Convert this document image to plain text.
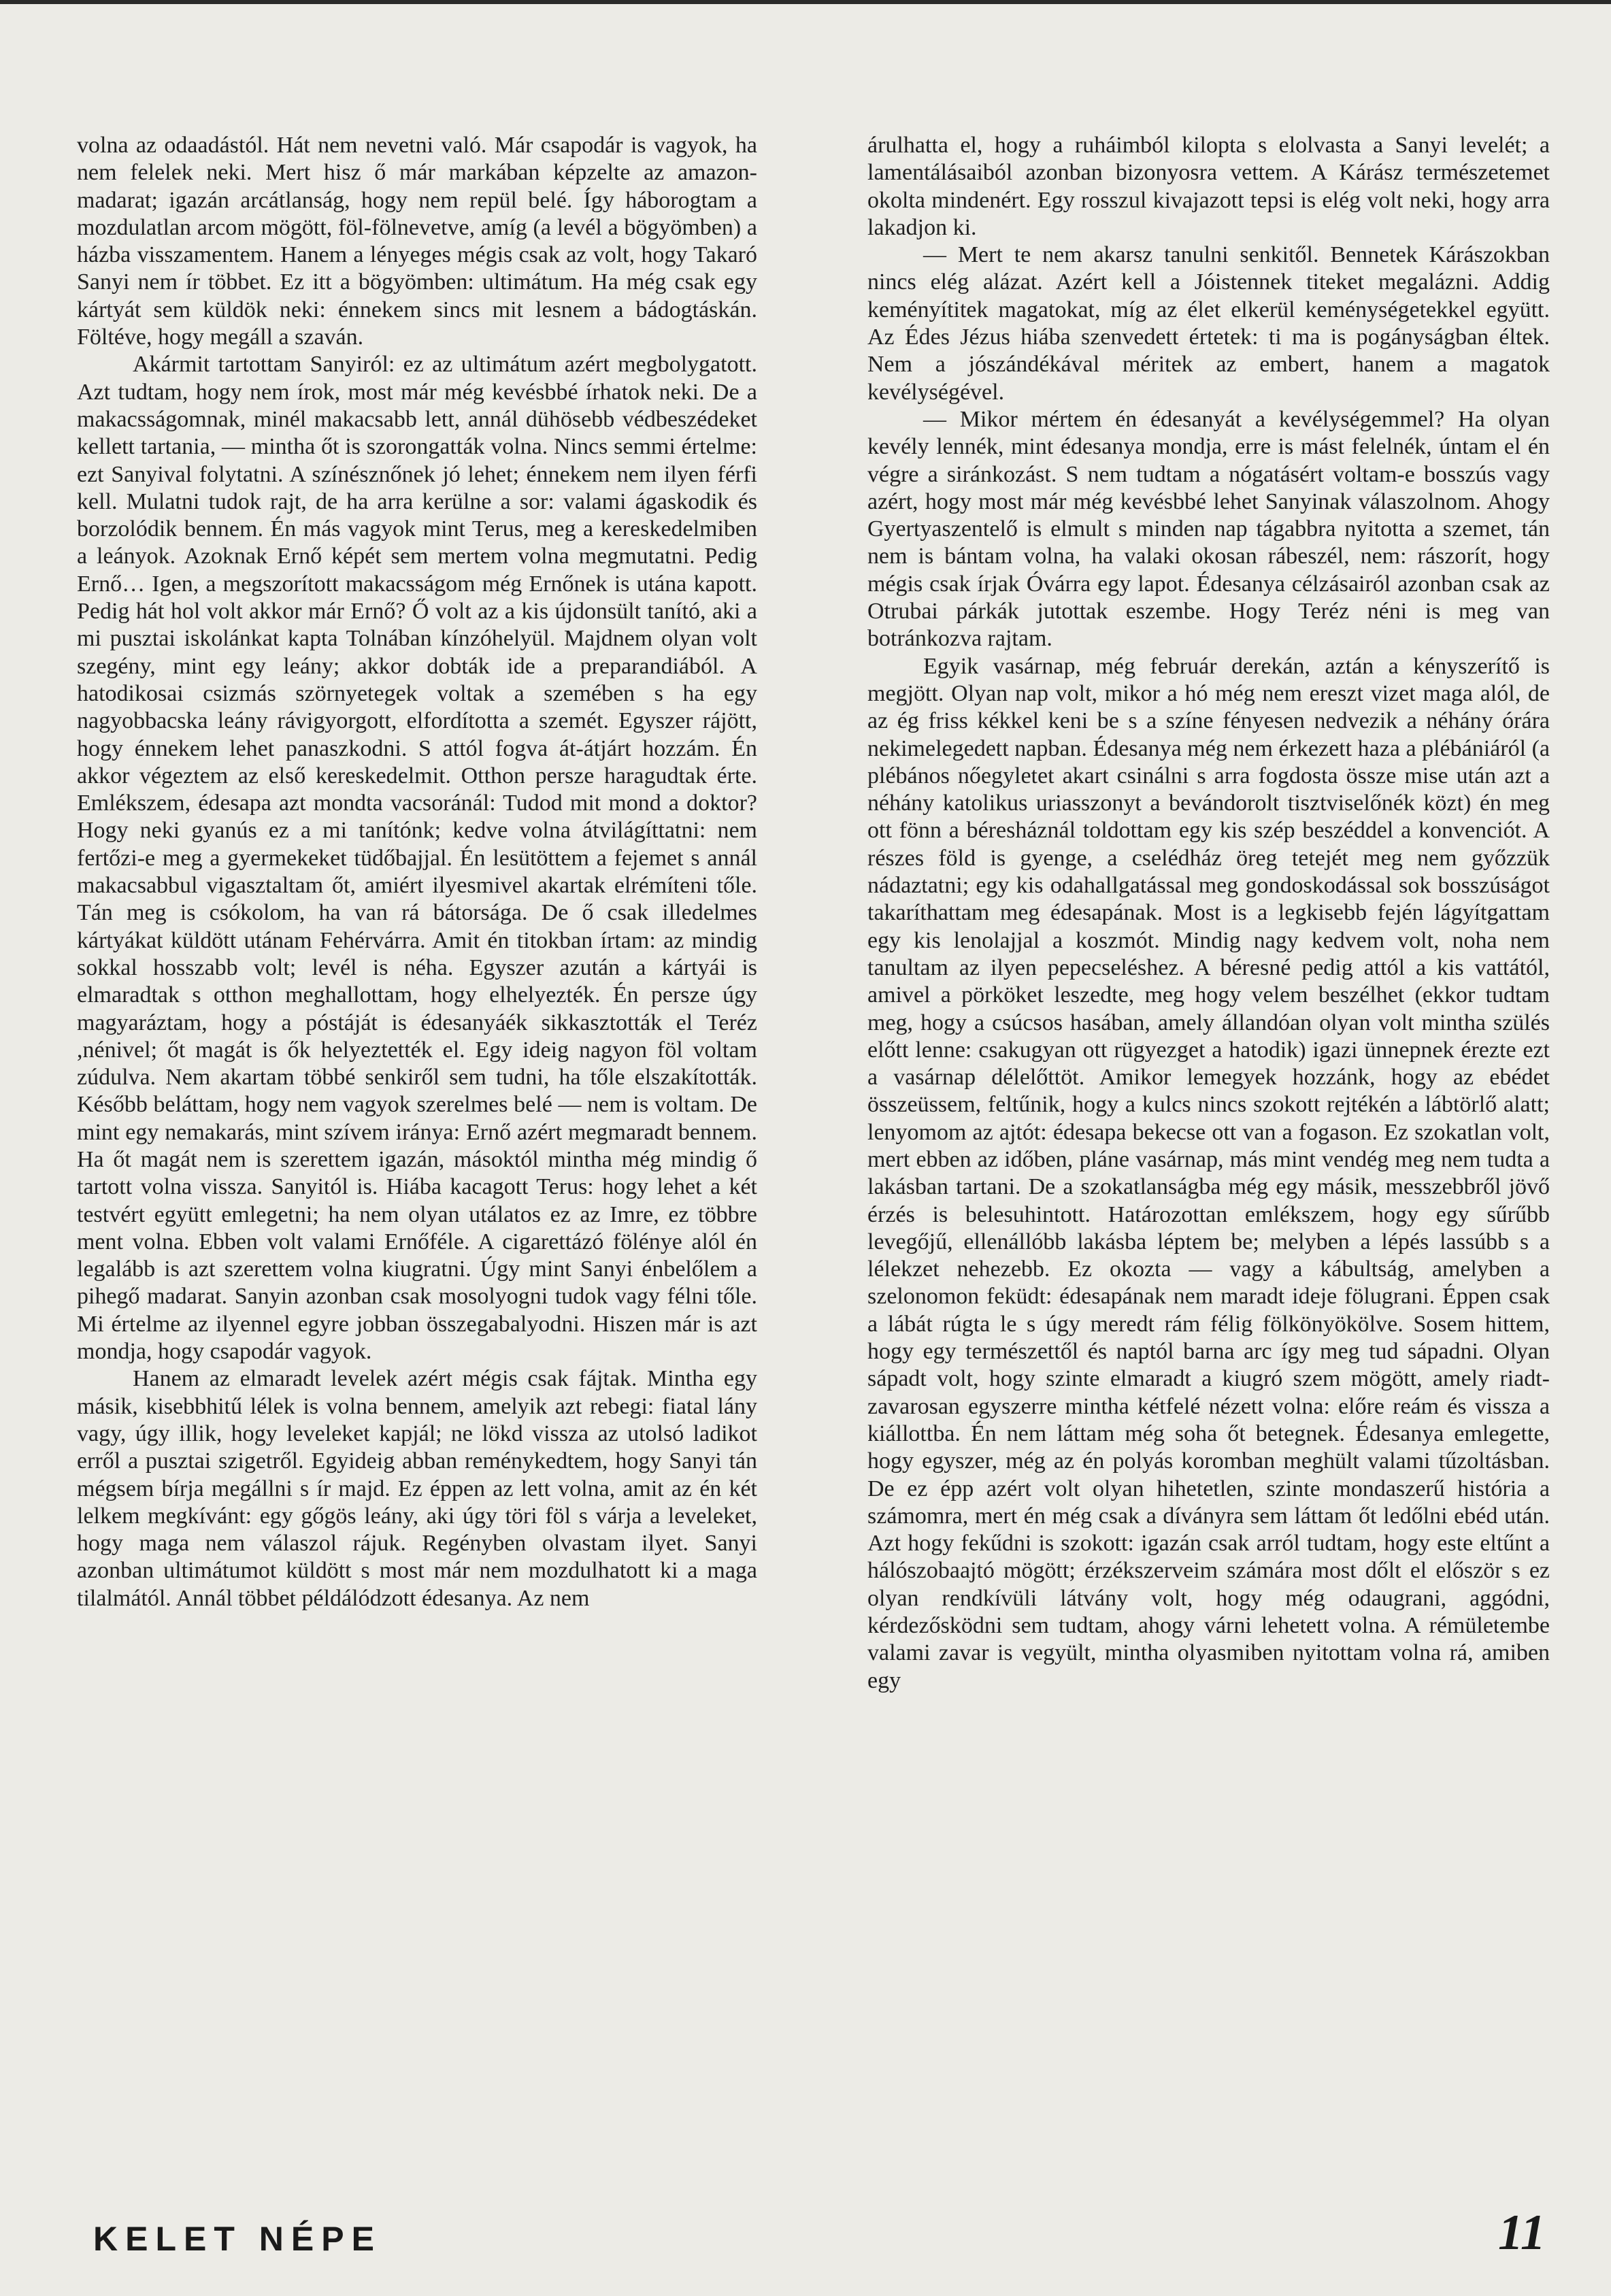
volna az odaadástól. Hát nem nevetni való. Már csapodár is vagyok, ha nem felelek neki. Mert hisz ő már markában képzelte az amazon-madarat; igazán arcátlanság, hogy nem repül belé. Így háborogtam a mozdulatlan arcom mögött, föl-fölnevetve, amíg (a levél a bögyömben) a házba visszamentem. Hanem a lényeges mégis csak az volt, hogy Takaró Sanyi nem ír többet. Ez itt a bögyömben: ultimátum. Ha még csak egy kártyát sem küldök neki: énnekem sincs mit lesnem a bádogtáskán. Föltéve, hogy megáll a szaván.

Akármit tartottam Sanyiról: ez az ultimátum azért megbolygatott. Azt tudtam, hogy nem írok, most már még kevésbbé írhatok neki. De a makacsságomnak, minél makacsabb lett, annál dühösebb védbeszédeket kellett tartania, — mintha őt is szorongatták volna. Nincs semmi értelme: ezt Sanyival folytatni. A színésznőnek jó lehet; énnekem nem ilyen férfi kell. Mulatni tudok rajt, de ha arra kerülne a sor: valami ágaskodik és borzolódik bennem. Én más vagyok mint Terus, meg a kereskedelmiben a leányok. Azoknak Ernő képét sem mertem volna megmutatni. Pedig Ernő… Igen, a megszorított makacsságom még Ernőnek is utána kapott. Pedig hát hol volt akkor már Ernő? Ő volt az a kis újdonsült tanító, aki a mi pusztai iskolánkat kapta Tolnában kínzóhelyül. Majdnem olyan volt szegény, mint egy leány; akkor dobták ide a preparandiából. A hatodikosai csizmás szörnyetegek voltak a szemében s ha egy nagyobbacska leány rávigyorgott, elfordította a szemét. Egyszer rájött, hogy énnekem lehet panaszkodni. S attól fogva át-átjárt hozzám. Én akkor végeztem az első kereskedelmit. Otthon persze haragudtak érte. Emlékszem, édesapa azt mondta vacsoránál: Tudod mit mond a doktor? Hogy neki gyanús ez a mi tanítónk; kedve volna átvilágíttatni: nem fertőzi-e meg a gyermekeket tüdőbajjal. Én lesütöttem a fejemet s annál makacsabbul vigasztaltam őt, amiért ilyesmivel akartak elrémíteni tőle. Tán meg is csókolom, ha van rá bátorsága. De ő csak illedelmes kártyákat küldött utánam Fehérvárra. Amit én titokban írtam: az mindig sokkal hosszabb volt; levél is néha. Egyszer azután a kártyái is elmaradtak s otthon meghallottam, hogy elhelyezték. Én persze úgy magyaráztam, hogy a póstáját is édesanyáék sikkasztották el Teréz ,nénivel; őt magát is ők helyeztették el. Egy ideig nagyon föl voltam zúdulva. Nem akartam többé senkiről sem tudni, ha tőle elszakították. Később beláttam, hogy nem vagyok szerelmes belé — nem is voltam. De mint egy nemakarás, mint szívem iránya: Ernő azért megmaradt bennem. Ha őt magát nem is szerettem igazán, másoktól mintha még mindig ő tartott volna vissza. Sanyitól is. Hiába kacagott Terus: hogy lehet a két testvért együtt emlegetni; ha nem olyan utálatos ez az Imre, ez többre ment volna. Ebben volt valami Ernőféle. A cigarettázó fölénye alól én legalább is azt szerettem volna kiugratni. Úgy mint Sanyi énbelőlem a pihegő madarat. Sanyin azonban csak mosolyogni tudok vagy félni tőle. Mi értelme az ilyennel egyre jobban összegabalyodni. Hiszen már is azt mondja, hogy csapodár vagyok.

Hanem az elmaradt levelek azért mégis csak fájtak. Mintha egy másik, kisebbhitű lélek is volna bennem, amelyik azt rebegi: fiatal lány vagy, úgy illik, hogy leveleket kapjál; ne lökd vissza az utolsó ladikot erről a pusztai szigetről. Egyideig abban reménykedtem, hogy Sanyi tán mégsem bírja megállni s ír majd. Ez éppen az lett volna, amit az én két lelkem megkívánt: egy gőgös leány, aki úgy töri föl s várja a leveleket, hogy maga nem válaszol rájuk. Regényben olvastam ilyet. Sanyi azonban ultimátumot küldött s most már nem mozdulhatott ki a maga tilalmától. Annál többet példálódzott édesanya. Az nem

árulhatta el, hogy a ruháimból kilopta s elolvasta a Sanyi levelét; a lamentálásaiból azonban bizonyosra vettem. A Kárász természetemet okolta mindenért. Egy rosszul kivajazott tepsi is elég volt neki, hogy arra lakadjon ki.

— Mert te nem akarsz tanulni senkitől. Bennetek Kárászokban nincs elég alázat. Azért kell a Jóistennek titeket megalázni. Addig keményítitek magatokat, míg az élet elkerül keménységetekkel együtt. Az Édes Jézus hiába szenvedett értetek: ti ma is pogányságban éltek. Nem a jószándékával méritek az embert, hanem a magatok kevélységével.

— Mikor mértem én édesanyát a kevélységemmel? Ha olyan kevély lennék, mint édesanya mondja, erre is mást felelnék, úntam el én végre a siránkozást. S nem tudtam a nógatásért voltam-e bosszús vagy azért, hogy most már még kevésbbé lehet Sanyinak válaszolnom. Ahogy Gyertyaszentelő is elmult s minden nap tágabbra nyitotta a szemet, tán nem is bántam volna, ha valaki okosan rábeszél, nem: rászorít, hogy mégis csak írjak Óvárra egy lapot. Édesanya célzásairól azonban csak az Otrubai párkák jutottak eszembe. Hogy Teréz néni is meg van botránkozva rajtam.

Egyik vasárnap, még február derekán, aztán a kényszerítő is megjött. Olyan nap volt, mikor a hó még nem ereszt vizet maga alól, de az ég friss kékkel keni be s a színe fényesen nedvezik a néhány órára nekimelegedett napban. Édesanya még nem érkezett haza a plébániáról (a plébános nőegyletet akart csinálni s arra fogdosta össze mise után azt a néhány katolikus uriasszonyt a bevándorolt tisztviselőnék közt) én meg ott fönn a béresháznál toldottam egy kis szép beszéddel a konvenciót. A részes föld is gyenge, a cselédház öreg tetejét meg nem győzzük nádaztatni; egy kis odahallgatással meg gondoskodással sok bosszúságot takaríthattam meg édesapának. Most is a legkisebb fején lágyítgattam egy kis lenolajjal a koszmót. Mindig nagy kedvem volt, noha nem tanultam az ilyen pepecseléshez. A béresné pedig attól a kis vattától, amivel a pörköket leszedte, meg hogy velem beszélhet (ekkor tudtam meg, hogy a csúcsos hasában, amely állandóan olyan volt mintha szülés előtt lenne: csakugyan ott rügyezget a hatodik) igazi ünnepnek érezte ezt a vasárnap délelőttöt. Amikor lemegyek hozzánk, hogy az ebédet összeüssem, feltűnik, hogy a kulcs nincs szokott rejtékén a lábtörlő alatt; lenyomom az ajtót: édesapa bekecse ott van a fogason. Ez szokatlan volt, mert ebben az időben, pláne vasárnap, más mint vendég meg nem tudta a lakásban tartani. De a szokatlanságba még egy másik, messzebbről jövő érzés is belesuhintott. Határozottan emlékszem, hogy egy sűrűbb levegőjű, ellenállóbb lakásba léptem be; melyben a lépés lassúbb s a lélekzet nehezebb. Ez okozta — vagy a kábultság, amelyben a szelonomon feküdt: édesapának nem maradt ideje fölugrani. Éppen csak a lábát rúgta le s úgy meredt rám félig fölkönyökölve. Sosem hittem, hogy egy természettől és naptól barna arc így meg tud sápadni. Olyan sápadt volt, hogy szinte elmaradt a kiugró szem mögött, amely riadt-zavarosan egyszerre mintha kétfelé nézett volna: előre reám és vissza a kiállottba. Én nem láttam még soha őt betegnek. Édesanya emlegette, hogy egyszer, még az én polyás koromban meghült valami tűzoltásban. De ez épp azért volt olyan hihetetlen, szinte mondaszerű história a számomra, mert én még csak a díványra sem láttam őt ledőlni ebéd után. Azt hogy fekűdni is szokott: igazán csak arról tudtam, hogy este eltűnt a hálószobaajtó mögött; érzékszerveim számára most dőlt el először s ez olyan rendkívüli látvány volt, hogy még odaugrani, aggódni, kérdezősködni sem tudtam, ahogy várni lehetett volna. A rémületembe valami zavar is vegyült, mintha olyasmiben nyitottam volna rá, amiben egy

KELET NÉPE	11
